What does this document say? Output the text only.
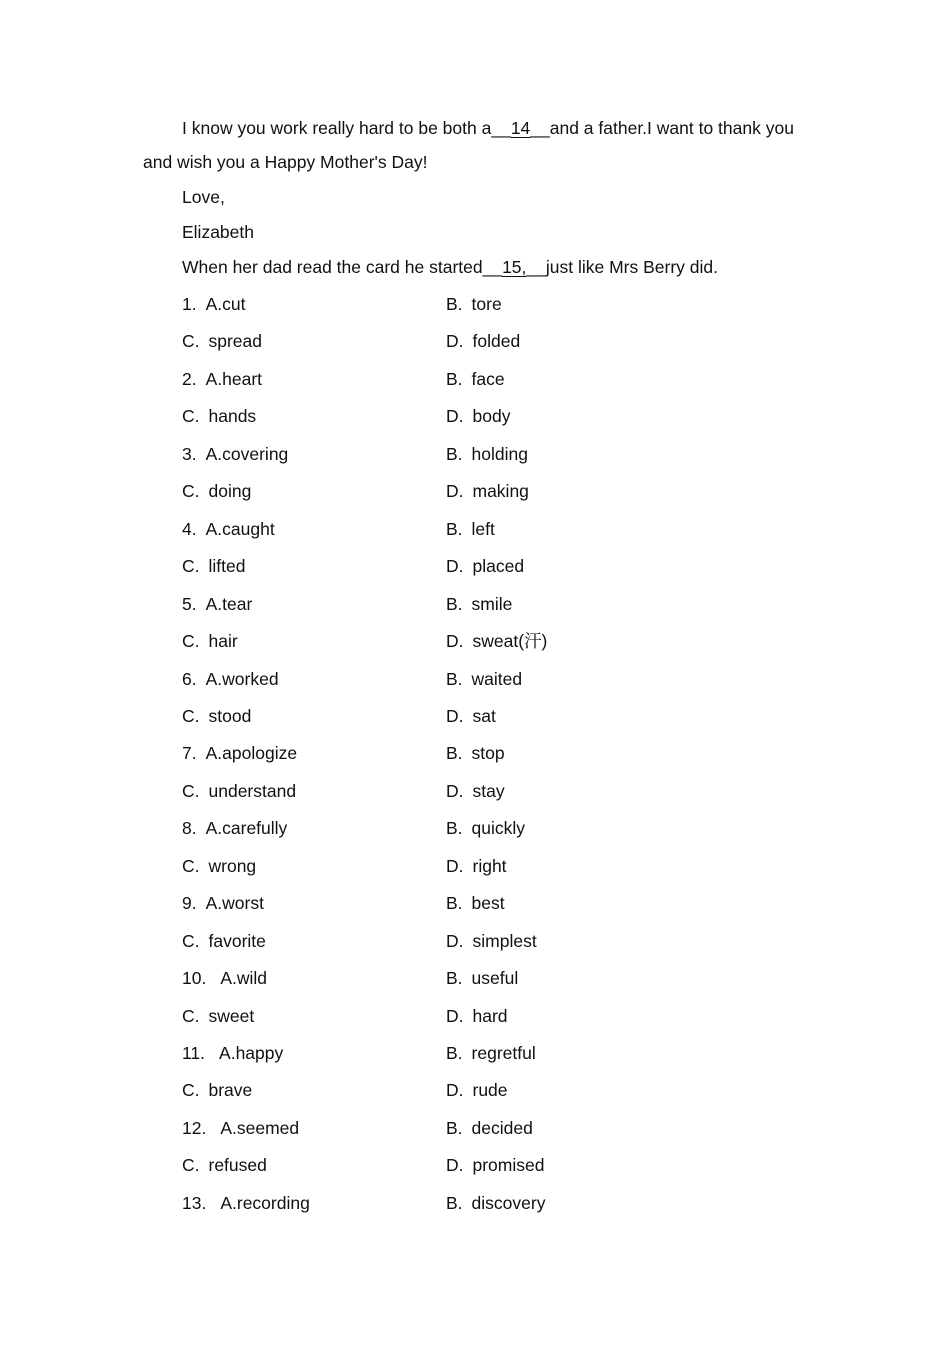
I know you work really hard to be both a__14__and a father.I want to thank you
and wish you a Happy Mother's Day!
Love,
Elizabeth
When her dad read the card he started__15,__just like Mrs Berry did.
1. A.cut	B. tore
C. spread	D. folded
2. A.heart	B. face
C. hands	D. body
3. A.covering	B. holding
C. doing	D. making
4. A.caught	B. left
C. lifted	D. placed
5. A.tear	B. smile
C. hair	D. sweat(汗)
6. A.worked	B. waited
C. stood	D. sat
7. A.apologize	B. stop
C. understand	D. stay
8. A.carefully	B. quickly
C. wrong	D. right
9. A.worst	B. best
C. favorite	D. simplest
10. A.wild	B. useful
C. sweet	D. hard
11. A.happy	B. regretful
C. brave	D. rude
12. A.seemed	B. decided
C. refused	D. promised
13. A.recording	B. discovery
